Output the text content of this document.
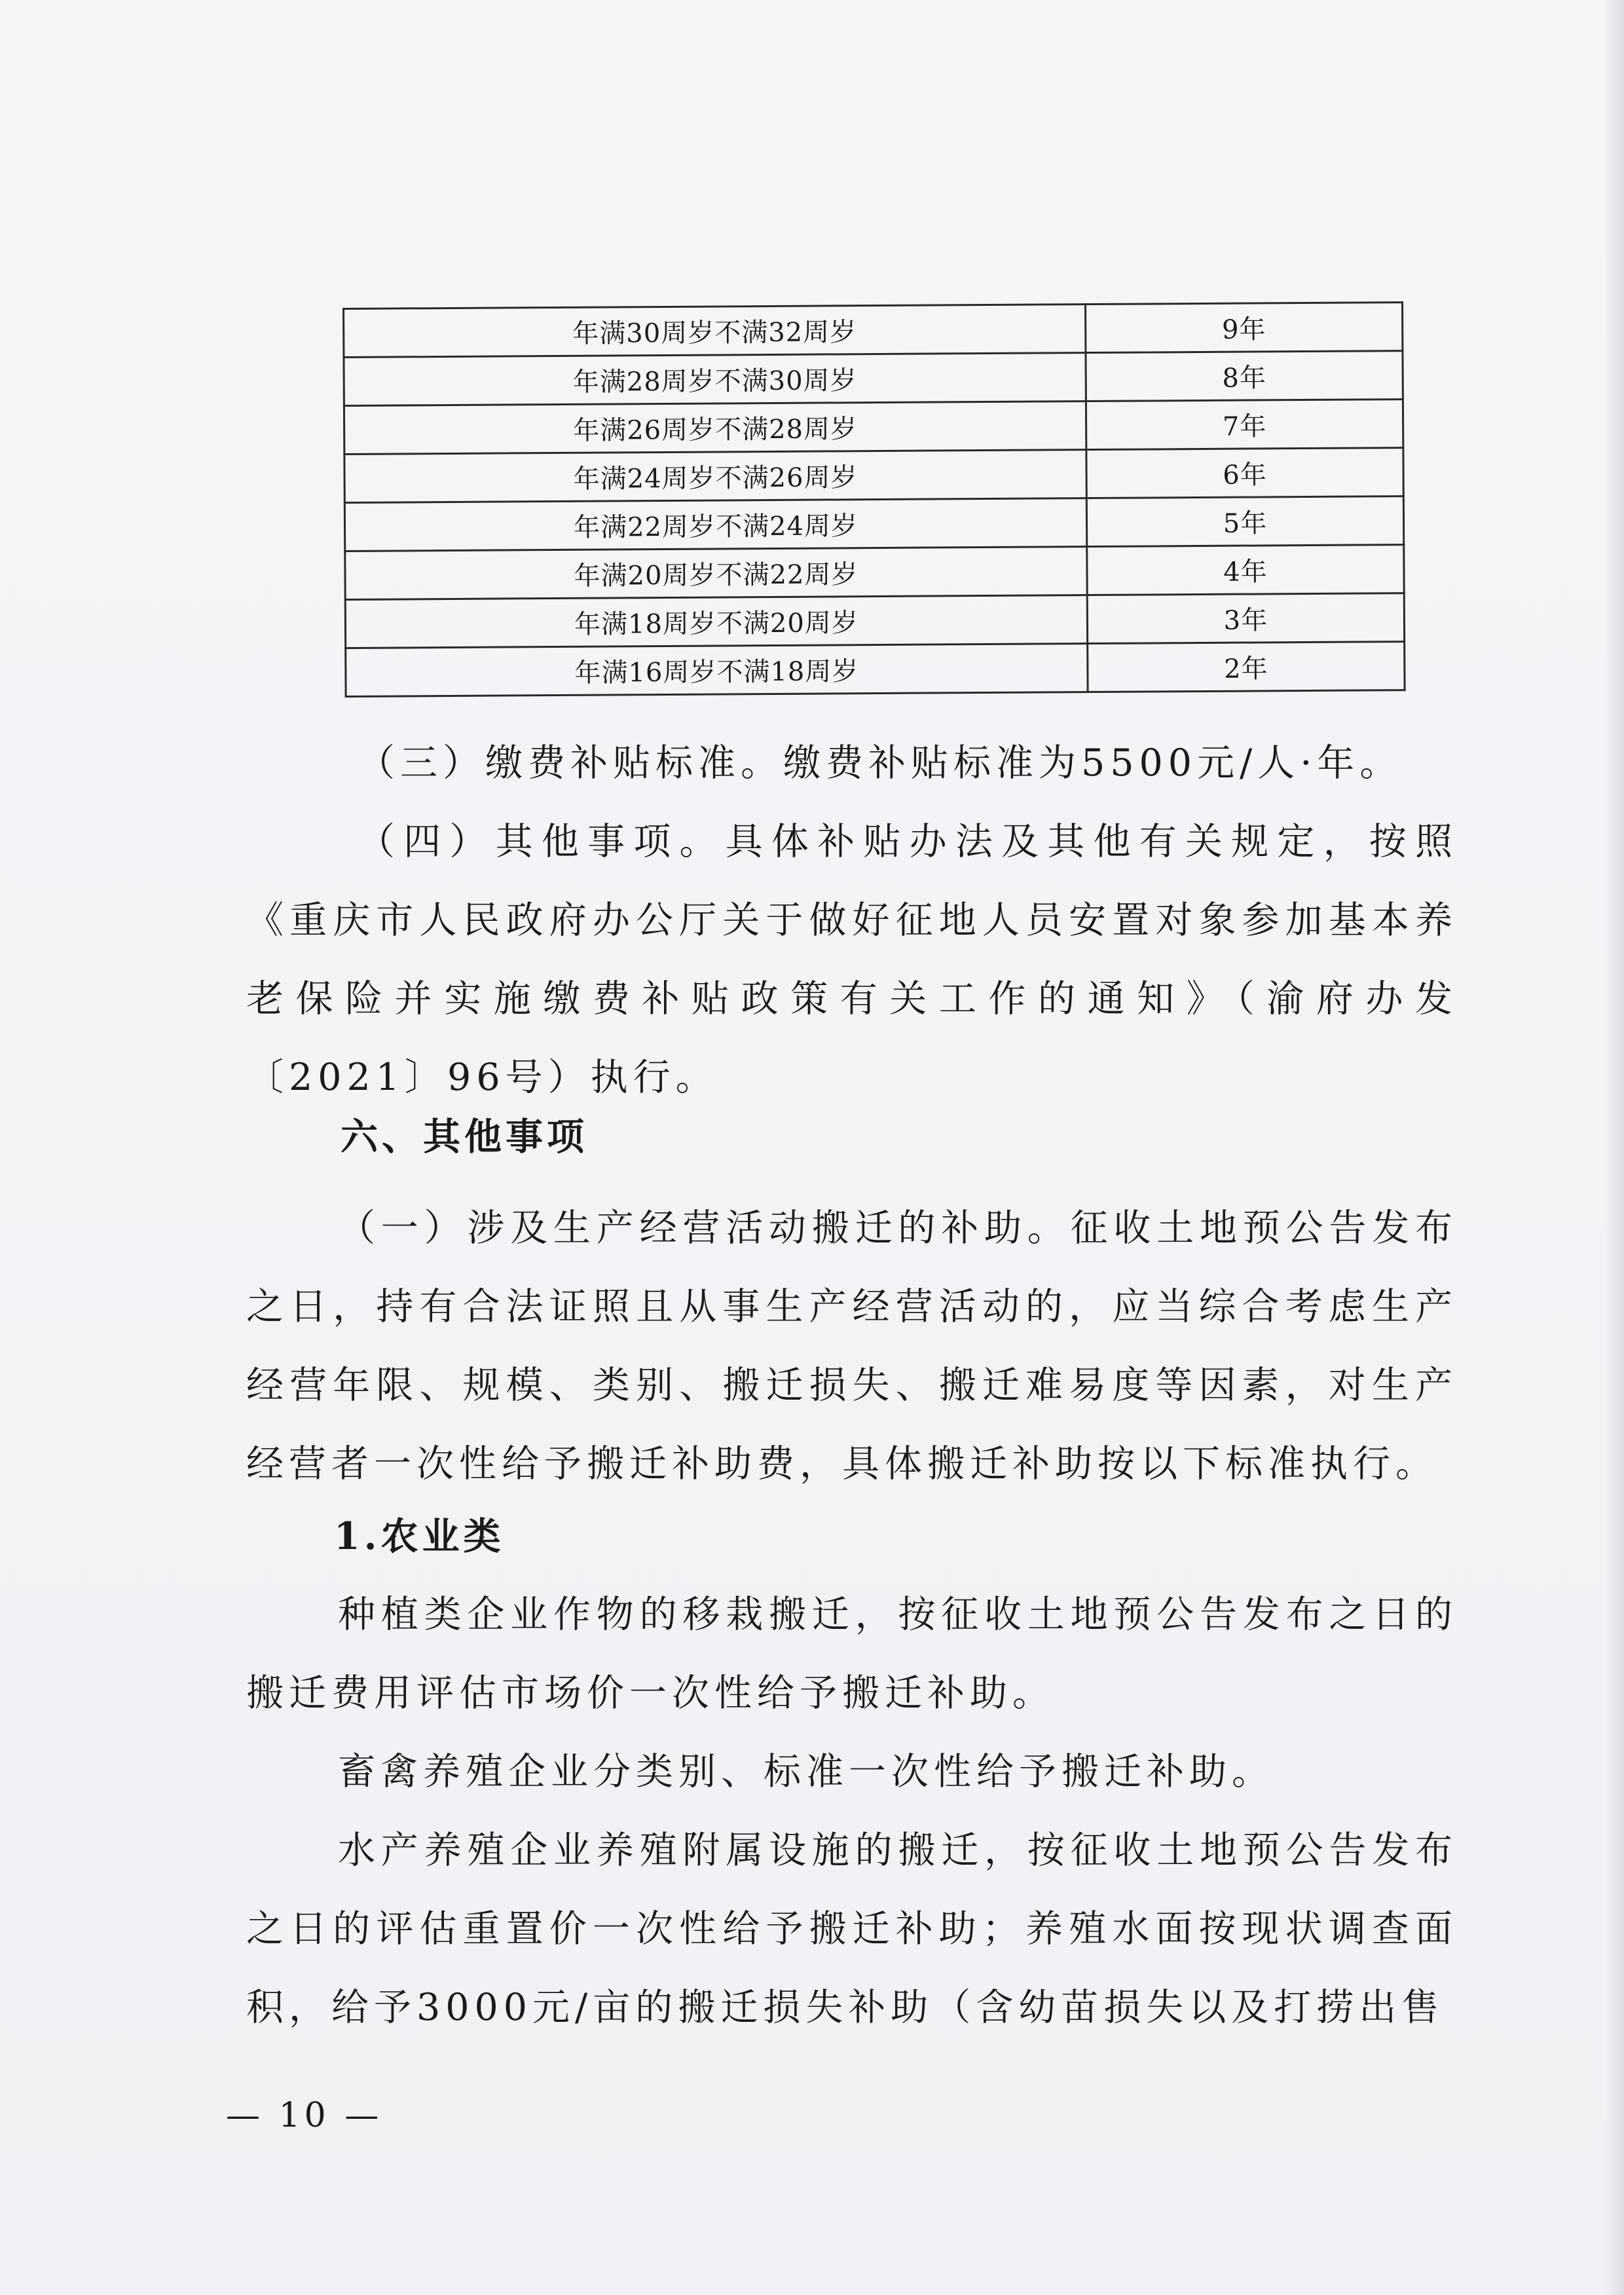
年满30周岁不满32周岁	9年
年满28周岁不满30周岁	8年
年满26周岁不满28周岁	7年
年满24周岁不满26周岁	6年
年满22周岁不满24周岁	5年
年满20周岁不满22周岁	4年
年满18周岁不满20周岁	3年
年满16周岁不满18周岁	2年

（三）缴费补贴标准。缴费补贴标准为5500元/人·年。

（四）其他事项。具体补贴办法及其他有关规定，按照《重庆市人民政府办公厅关于做好征地人员安置对象参加基本养老保险并实施缴费补贴政策有关工作的通知》（渝府办发〔2021〕96号）执行。

六、其他事项

（一）涉及生产经营活动搬迁的补助。征收土地预公告发布之日，持有合法证照且从事生产经营活动的，应当综合考虑生产经营年限、规模、类别、搬迁损失、搬迁难易度等因素，对生产经营者一次性给予搬迁补助费，具体搬迁补助按以下标准执行。

1.农业类

种植类企业作物的移栽搬迁，按征收土地预公告发布之日的搬迁费用评估市场价一次性给予搬迁补助。

畜禽养殖企业分类别、标准一次性给予搬迁补助。

水产养殖企业养殖附属设施的搬迁，按征收土地预公告发布之日的评估重置价一次性给予搬迁补助；养殖水面按现状调查面积，给予3000元/亩的搬迁损失补助（含幼苗损失以及打捞出售

— 10 —
